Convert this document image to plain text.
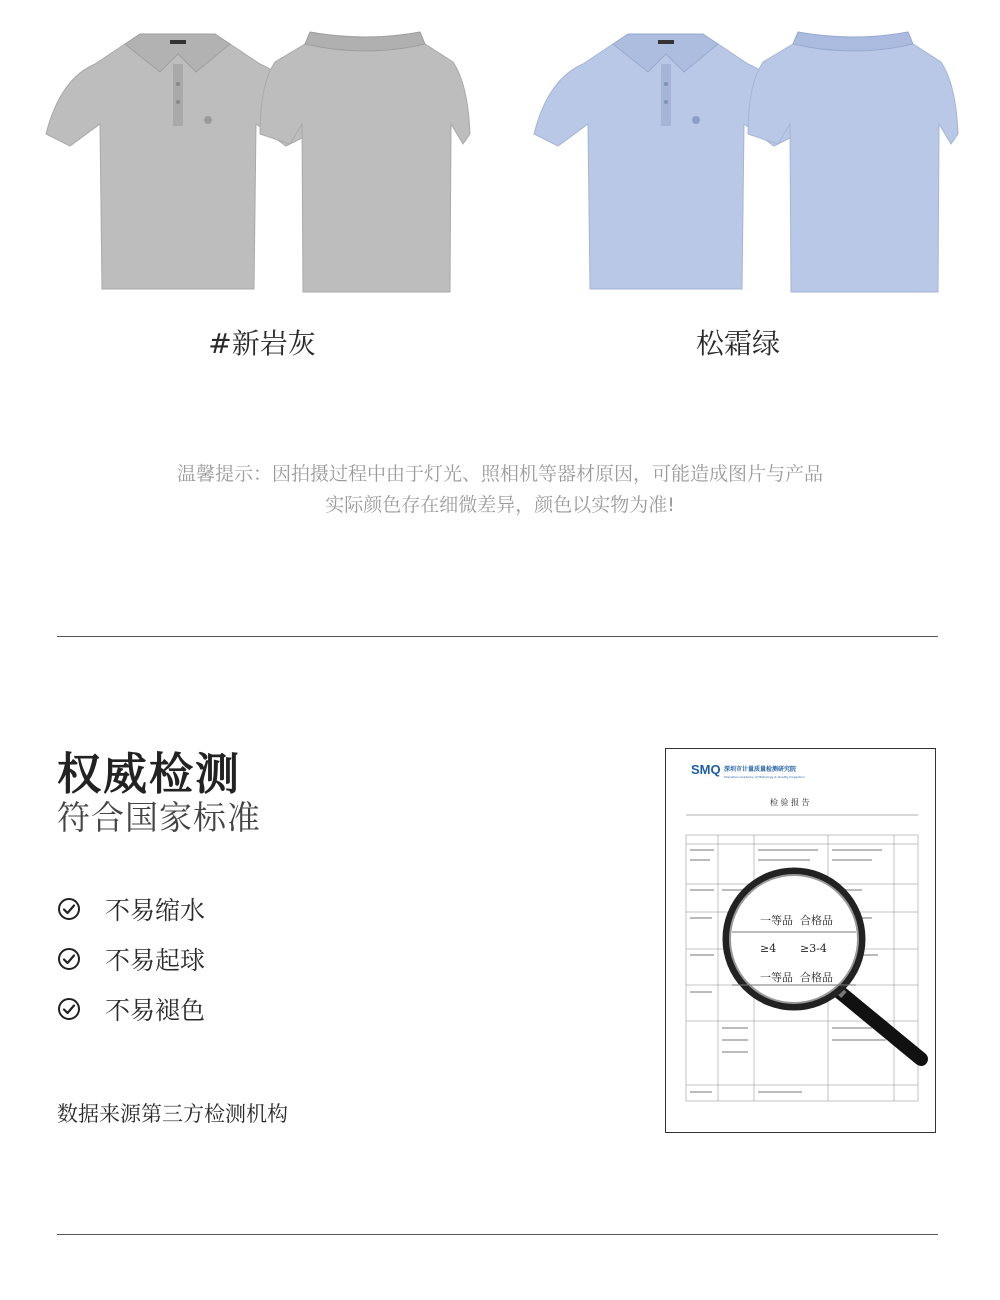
#新岩灰	松霜绿
温馨提示：因拍摄过程中由于灯光、照相机等器材原因，可能造成图片与产品
实际颜色存在细微差异，颜色以实物为准!
权威检测
符合国家标准
不易缩水
不易起球
不易褪色
数据来源第三方检测机构
SMQ 深圳市计量质量检测研究院
Shenzhen Academy of Metrology & Quality Inspection
检 验 报 告
一等品 合格品
≥4 ≥3-4
一等品 合格品
